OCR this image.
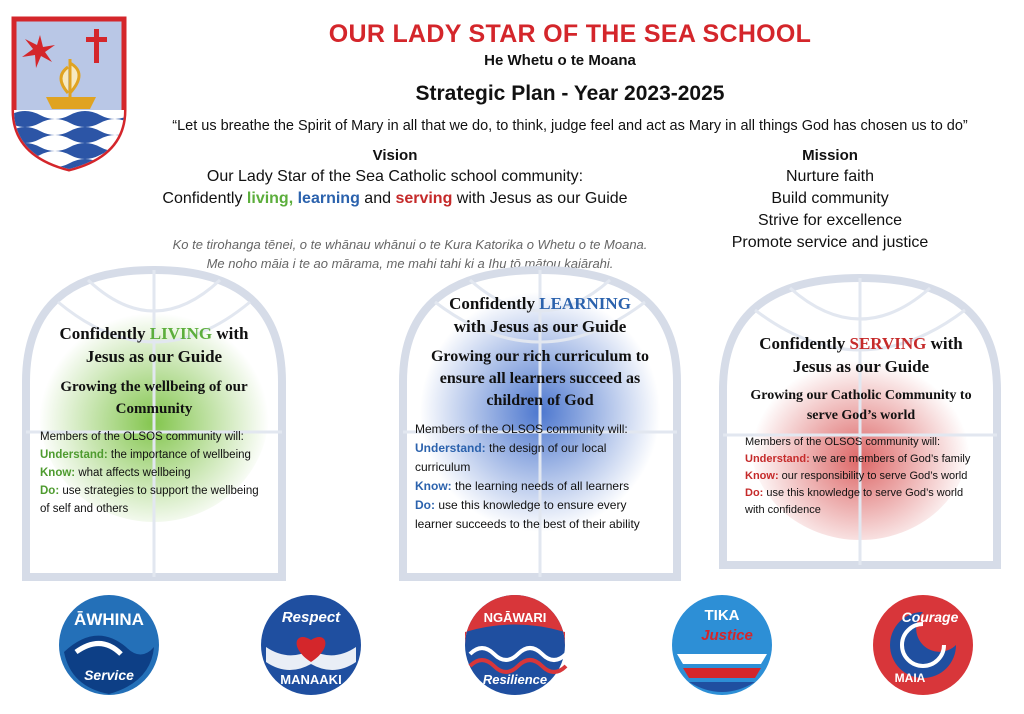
OUR LADY STAR OF THE SEA SCHOOL
He Whetu o te Moana
Strategic Plan - Year 2023-2025
“Let us breathe the Spirit of Mary in all that we do, to think, judge feel and act as Mary in all things God has chosen us to do”
Vision
Our Lady Star of the Sea Catholic school community:
Confidently living, learning and serving with Jesus as our Guide
Mission
Nurture faith
Build community
Strive for excellence
Promote service and justice
Ko te tirohanga tēnei, o te whānau whānui o te Kura Katorika o Whetu o te Moana.
Me noho māia i te ao mārama, me mahi tahi ki a Ihu tō mātou kaiārahi.
Confidently LIVING with
Jesus as our Guide
Growing the wellbeing of our Community
Members of the OLSOS community will:
Understand: the importance of wellbeing
Know: what affects wellbeing
Do: use strategies to support the wellbeing of self and others
Confidently LEARNING
with Jesus as our Guide
Growing our rich curriculum to ensure all learners succeed as children of God
Members of the OLSOS community will:
Understand: the design of our local curriculum
Know: the learning needs of all learners
Do: use this knowledge to ensure every learner succeeds to the best of their ability
Confidently SERVING with
Jesus as our Guide
Growing our Catholic Community to serve God’s world
Members of the OLSOS community will:
Understand: we are members of God’s family
Know: our responsibility to serve God’s world
Do: use this knowledge to serve God’s world with confidence
ĀWHINA
Service
Respect
MANAAKI
NGĀWARI
Resilience
TIKA
Justice
Courage
MAIA
